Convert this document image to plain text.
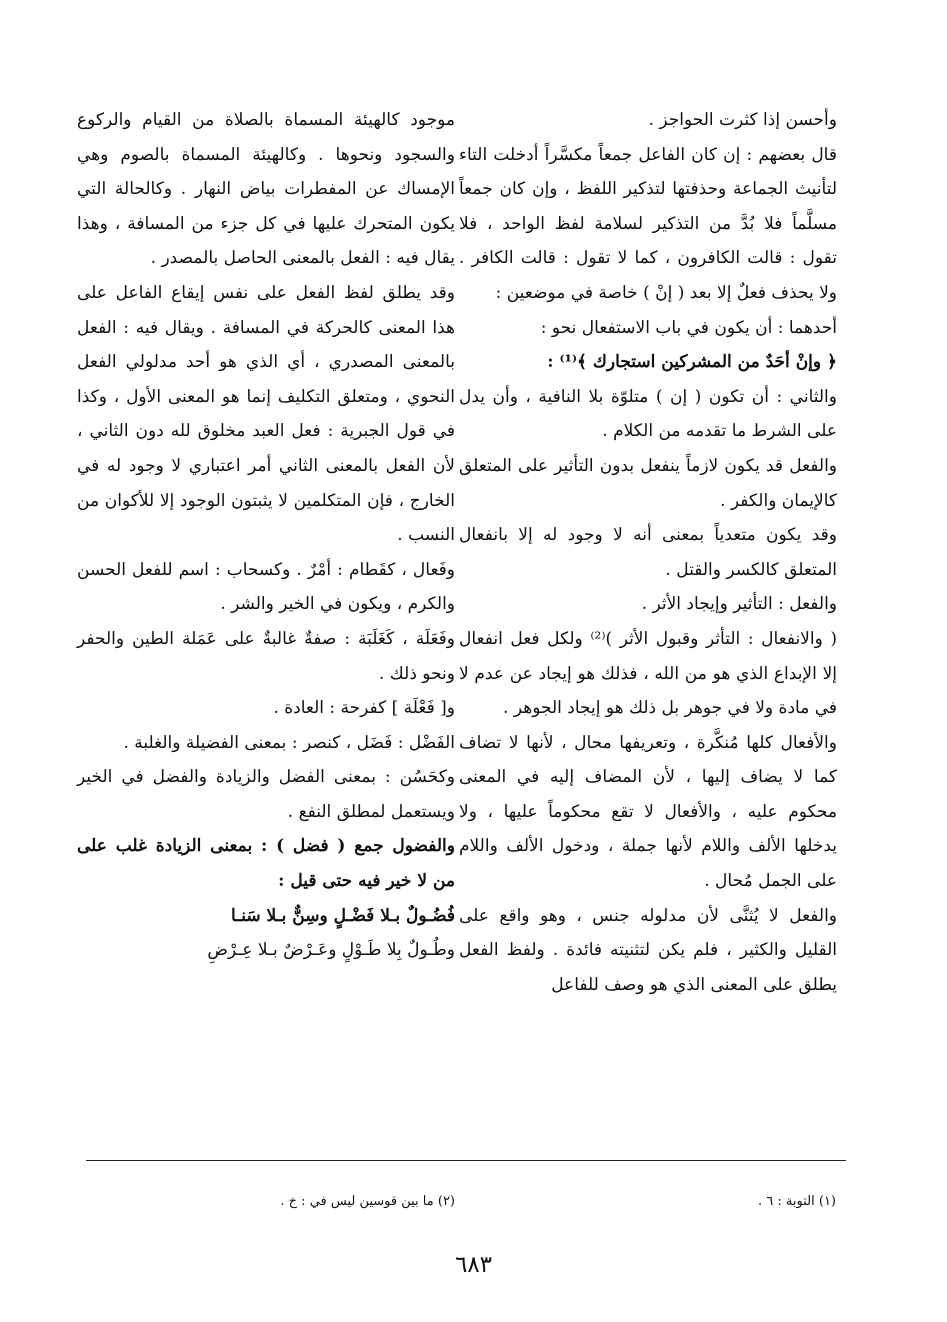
وأحسن إذا كثرت الحواجز .

قال بعضهم : إن كان الفاعل جمعاً مكسَّراً أدخلت التاء لتأنيث الجماعة وحذفتها لتذكير اللفظ ، وإن كان جمعاً مسلَّماً فلا بُدَّ من التذكير لسلامة لفظ الواحد ، فلا تقول : قالت الكافرون ، كما لا تقول : قالت الكافر . ولا يحذف فعلٌ إلا بعد ( إنْ ) خاصة في موضعين :

أحدهما : أن يكون في باب الاستفعال نحو :

﴿ وإنْ أحَدٌ من المشركين استجارك ﴾⁽¹⁾ :

والثاني : أن تكون ( إن ) متلوّة بلا النافية ، وأن يدل على الشرط ما تقدمه من الكلام .

والفعل قد يكون لازماً ينفعل بدون التأثير على المتعلق كالإيمان والكفر .

وقد يكون متعدياً بمعنى أنه لا وجود له إلا بانفعال المتعلق كالكسر والقتل .

والفعل : التأثير وإيجاد الأثر .

( والانفعال : التأثر وقبول الأثر )⁽²⁾ ولكل فعل انفعال إلا الإبداع الذي هو من الله ، فذلك هو إيجاد عن عدم لا في مادة ولا في جوهر بل ذلك هو إيجاد الجوهر .

والأفعال كلها مُنكَّرة ، وتعريفها محال ، لأنها لا تضاف كما لا يضاف إليها ، لأن المضاف إليه في المعنى محكوم عليه ، والأفعال لا تقع محكوماً عليها ، ولا يدخلها الألف واللام لأنها جملة ، ودخول الألف واللام على الجمل مُحال .

والفعل لا يُثنَّى لأن مدلوله جنس ، وهو واقع على القليل والكثير ، فلم يكن لتثنيته فائدة . ولفظ الفعل يطلق على المعنى الذي هو وصف للفاعل

موجود كالهيئة المسماة بالصلاة من القيام والركوع والسجود ونحوها . وكالهيئة المسماة بالصوم وهي الإمساك عن المفطرات بياض النهار . وكالحالة التي يكون المتحرك عليها في كل جزء من المسافة ، وهذا يقال فيه : الفعل بالمعنى الحاصل بالمصدر .

وقد يطلق لفظ الفعل على نفس إيقاع الفاعل على هذا المعنى كالحركة في المسافة . ويقال فيه : الفعل بالمعنى المصدري ، أي الذي هو أحد مدلولي الفعل النحوي ، ومتعلق التكليف إنما هو المعنى الأول ، وكذا في قول الجبرية : فعل العبد مخلوق لله دون الثاني ، لأن الفعل بالمعنى الثاني أمر اعتباري لا وجود له في الخارج ، فإن المتكلمين لا يثبتون الوجود إلا للأكوان من النسب .

وفَعال ، كقَطام : أمْرٌ . وكسحاب : اسم للفعل الحسن والكرم ، ويكون في الخير والشر .

وفَعَلَة ، كَغَلَبَة : صفةٌ غالبةٌ على عَمَلة الطين والحفر ونحو ذلك .

و[ فَعْلَة ] كفرحة : العادة .

الفَضْل : فَضَل ، كنصر : بمعنى الفضيلة والغلبة .

وكحَسُن : بمعنى الفضل والزيادة والفضل في الخير ويستعمل لمطلق النفع .

والفضول جمع ( فضل ) : بمعنى الزيادة غلب على من لا خير فيه حتى قيل :

فُضُـولٌ بـلا فَضْـلٍ وسِنٌّ بـلا سَنـا

وطُـولٌ بِلا طَـوْلٍ وعَـرْضٌ بـلا عِـرْضِ

(١) التوبة : ٦ .
(٢) ما بين قوسين ليس في : خ .
٦٨٣
